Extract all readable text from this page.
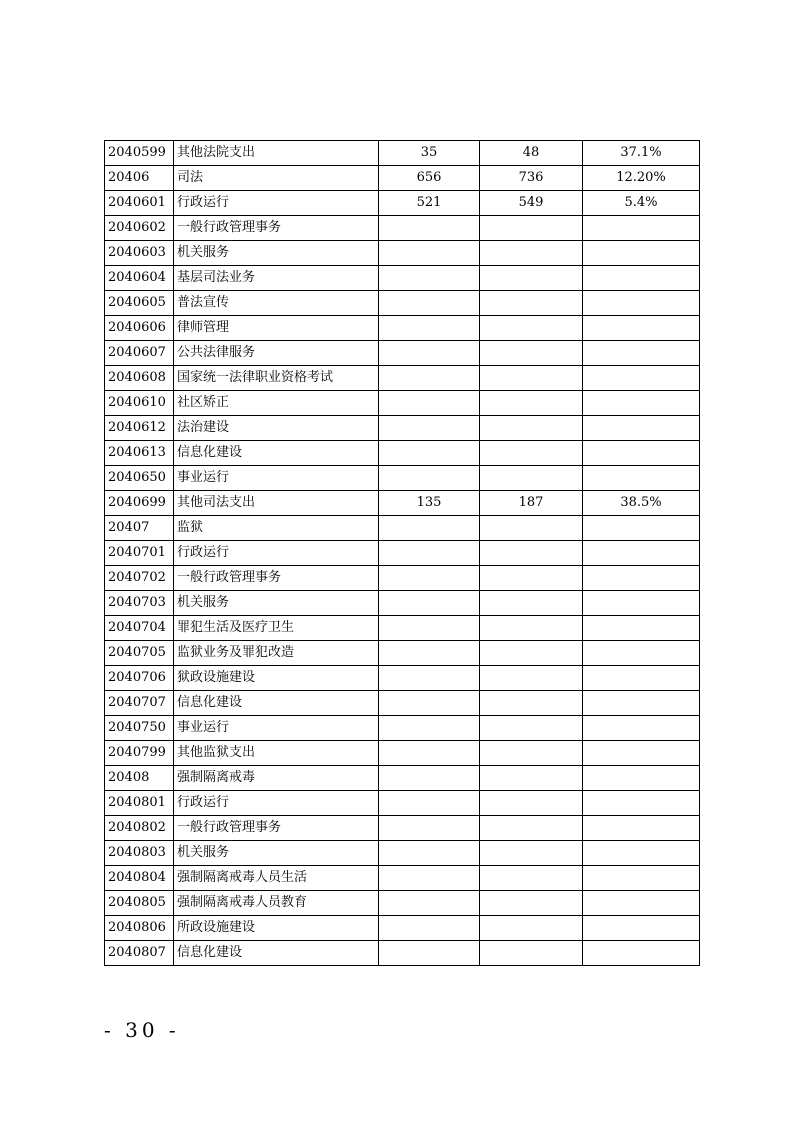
2040599	其他法院支出	35	48	37.1%
20406	司法	656	736	12.20%
2040601	行政运行	521	549	5.4%
2040602	一般行政管理事务			
2040603	机关服务			
2040604	基层司法业务			
2040605	普法宣传			
2040606	律师管理			
2040607	公共法律服务			
2040608	国家统一法律职业资格考试			
2040610	社区矫正			
2040612	法治建设			
2040613	信息化建设			
2040650	事业运行			
2040699	其他司法支出	135	187	38.5%
20407	监狱			
2040701	行政运行			
2040702	一般行政管理事务			
2040703	机关服务			
2040704	罪犯生活及医疗卫生			
2040705	监狱业务及罪犯改造			
2040706	狱政设施建设			
2040707	信息化建设			
2040750	事业运行			
2040799	其他监狱支出			
20408	强制隔离戒毒			
2040801	行政运行			
2040802	一般行政管理事务			
2040803	机关服务			
2040804	强制隔离戒毒人员生活			
2040805	强制隔离戒毒人员教育			
2040806	所政设施建设			
2040807	信息化建设			
- 30 -
